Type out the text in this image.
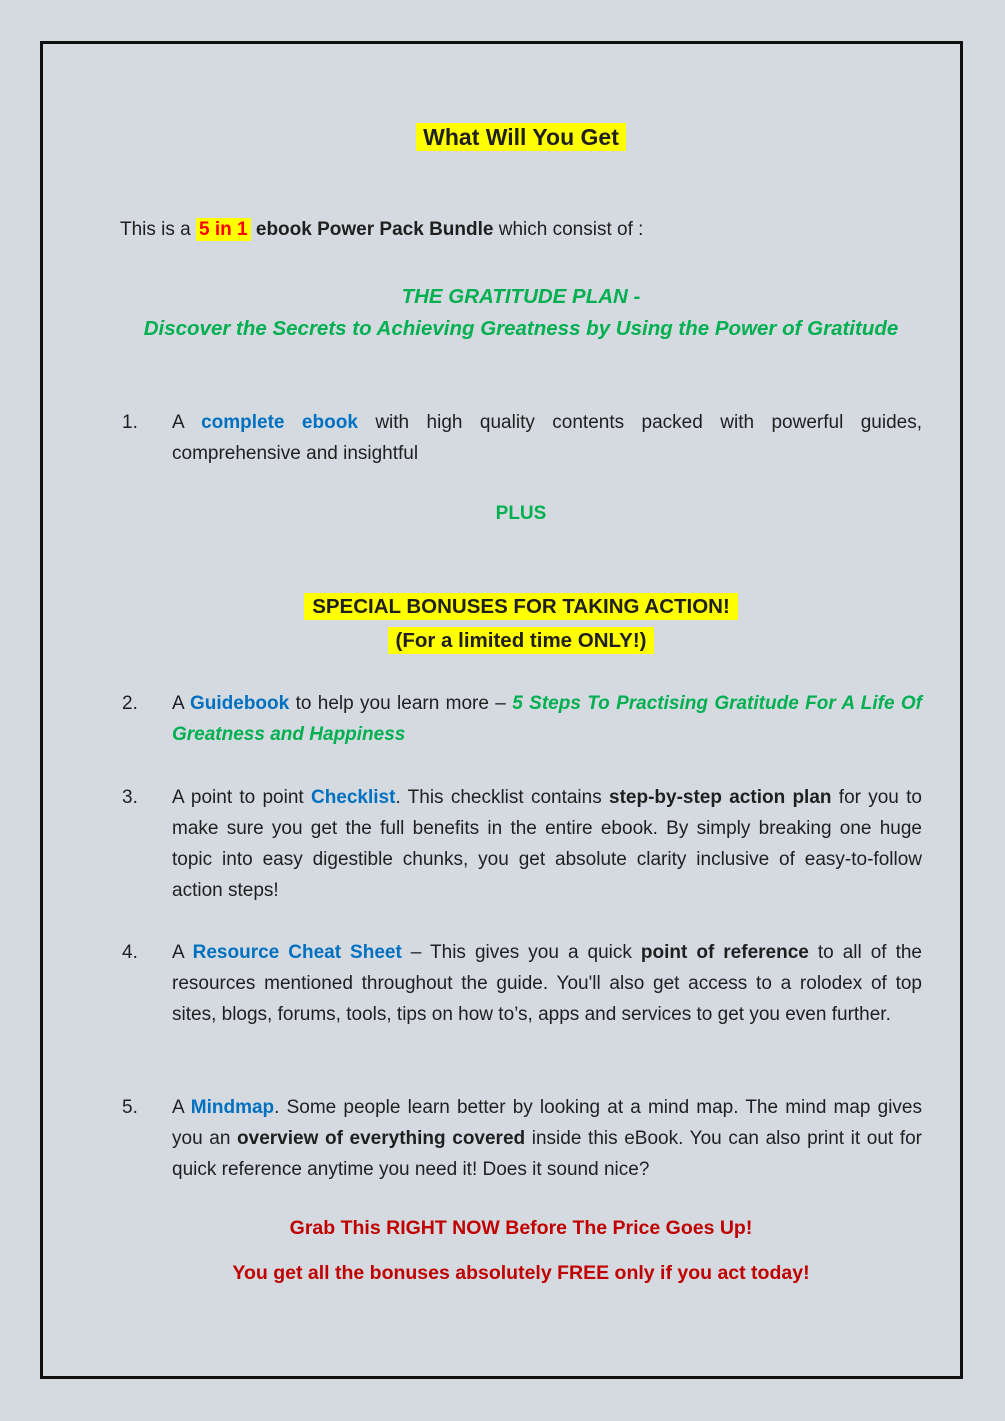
What Will You Get
This is a 5 in 1 ebook Power Pack Bundle which consist of :
THE GRATITUDE PLAN -
Discover the Secrets to Achieving Greatness by Using the Power of Gratitude
1.	A complete ebook with high quality contents packed with powerful guides, comprehensive and insightful
PLUS
SPECIAL BONUSES FOR TAKING ACTION!
(For a limited time ONLY!)
2.	A Guidebook to help you learn more – 5 Steps To Practising Gratitude For A Life Of Greatness and Happiness
3.	A point to point Checklist. This checklist contains step-by-step action plan for you to make sure you get the full benefits in the entire ebook. By simply breaking one huge topic into easy digestible chunks, you get absolute clarity inclusive of easy-to-follow action steps!
4.	A Resource Cheat Sheet – This gives you a quick point of reference to all of the resources mentioned throughout the guide. You'll also get access to a rolodex of top sites, blogs, forums, tools, tips on how to’s, apps and services to get you even further.
5.	A Mindmap. Some people learn better by looking at a mind map. The mind map gives you an overview of everything covered inside this eBook. You can also print it out for quick reference anytime you need it! Does it sound nice?
Grab This RIGHT NOW Before The Price Goes Up!
You get all the bonuses absolutely FREE only if you act today!
